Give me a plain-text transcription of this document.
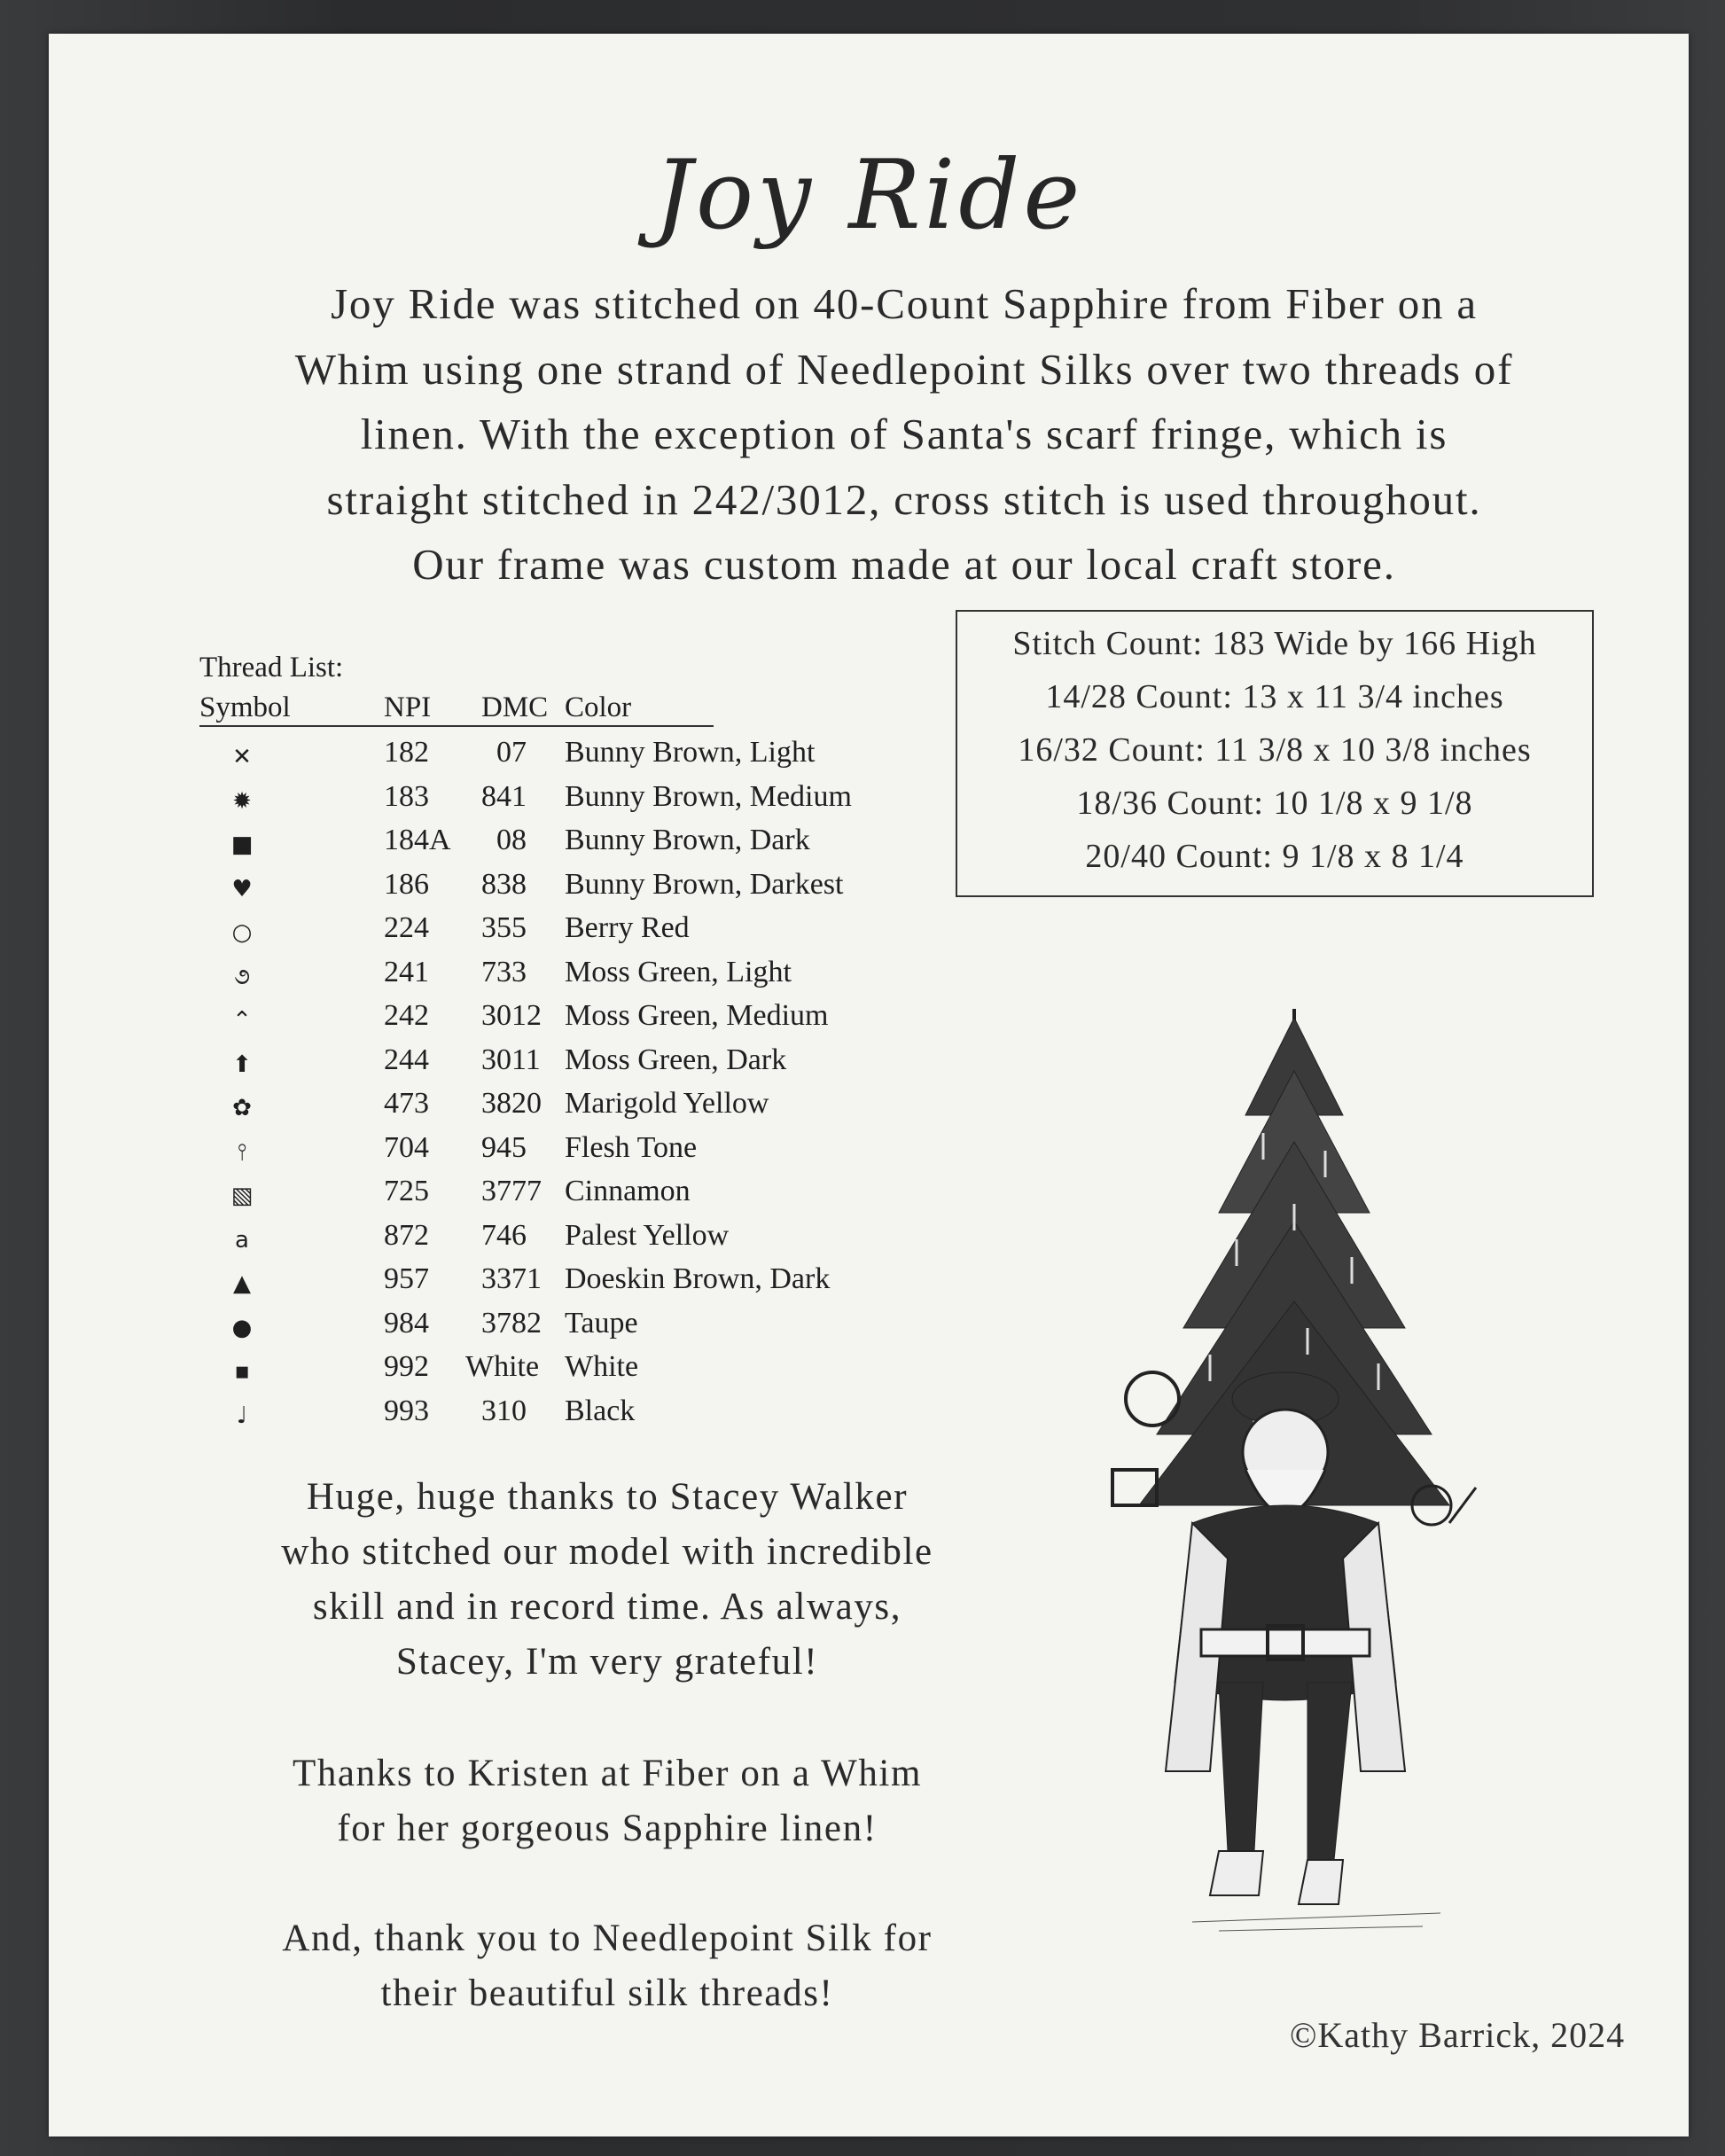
Joy Ride
Joy Ride was stitched on 40-Count Sapphire from Fiber on a
Whim using one strand of Needlepoint Silks over two threads of
linen. With the exception of Santa's scarf fringe, which is
straight stitched in 242/3012, cross stitch is used throughout.
Our frame was custom made at our local craft store.
Thread List:
Symbol	NPI DMC Color
✕	182 07 Bunny Brown, Light
✹	183 841 Bunny Brown, Medium
■	184A 08 Bunny Brown, Dark
♥	186 838 Bunny Brown, Darkest
○	224 355 Berry Red
૭	241 733 Moss Green, Light
⌃	242 3012 Moss Green, Medium
⬆	244 3011 Moss Green, Dark
✿	473 3820 Marigold Yellow
⫯	704 945 Flesh Tone
▧	725 3777 Cinnamon
a	872 746 Palest Yellow
▲	957 3371 Doeskin Brown, Dark
●	984 3782 Taupe
▪	992 White White
♩	993 310 Black
Stitch Count: 183 Wide by 166 High
14/28 Count: 13 x 11 3/4 inches
16/32 Count: 11 3/8 x 10 3/8 inches
18/36 Count: 10 1/8 x 9 1/8
20/40 Count: 9 1/8 x 8 1/4
Huge, huge thanks to Stacey Walker
who stitched our model with incredible
skill and in record time. As always,
Stacey, I'm very grateful!
Thanks to Kristen at Fiber on a Whim
for her gorgeous Sapphire linen!
And, thank you to Needlepoint Silk for
their beautiful silk threads!
©Kathy Barrick, 2024
